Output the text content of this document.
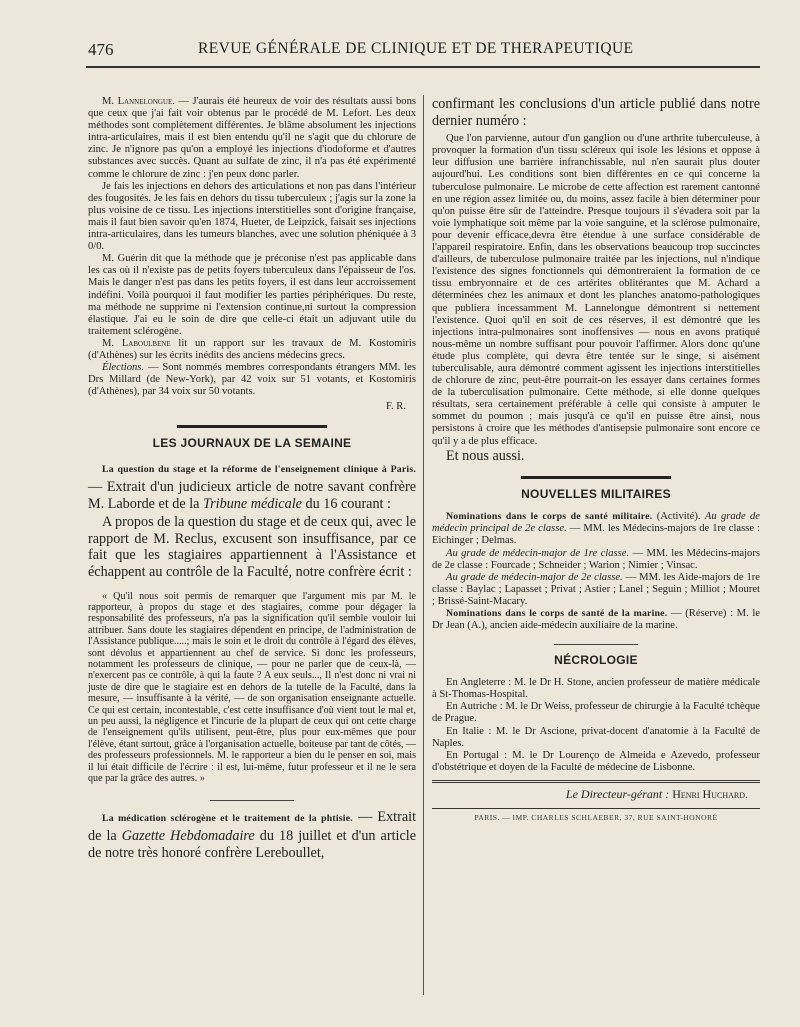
476	REVUE GÉNÉRALE DE CLINIQUE ET DE THERAPEUTIQUE

M. Lannelongue. — J'aurais été heureux de voir des résultats aussi bons que ceux que j'ai fait voir obtenus par le procédé de M. Lefort. Les deux méthodes sont complètement différentes. Je blâme absolument les injections intra-articulaires, mais il est bien entendu qu'il ne s'agit que du chlorure de zinc. Je n'ignore pas qu'on a employé les injections d'iodoforme et d'autres substances avec succès. Quant au sulfate de zinc, il n'a pas été expérimenté comme le chlorure de zinc : j'en peux donc parler.

Je fais les injections en dehors des articulations et non pas dans l'intérieur des fougosités. Je les fais en dehors du tissu tuberculeux ; j'agis sur la zone la plus voisine de ce tissu. Les injections interstitielles sont d'origine française, mais il faut bien savoir qu'en 1874, Hueter, de Leipzick, faisait ses injections intra-articulaires, dans les tumeurs blanches, avec une solution phéniquée à 3 0/0.

M. Guérin dit que la méthode que je préconise n'est pas applicable dans les cas où il n'existe pas de petits foyers tuberculeux dans l'épaisseur de l'os. Mais le danger n'est pas dans les petits foyers, il est dans leur accroissement indéfini. Voilà pourquoi il faut modifier les parties périphériques. Du reste, ma méthode ne supprime ni l'extension continue,ni surtout la compression élastique. J'ai eu le soin de dire que celle-ci était un adjuvant utile du traitement sclérogène.

M. Laboulbene lit un rapport sur les travaux de M. Kostomiris (d'Athènes) sur les écrits inédits des anciens médecins grecs.

Élections. — Sont nommés membres correspondants étrangers MM. les Drs Millard (de New-York), par 42 voix sur 51 votants, et Kostomiris (d'Athènes), par 34 voix sur 50 votants.

F. R.
LES JOURNAUX DE LA SEMAINE

La question du stage et la réforme de l'enseignement clinique à Paris. — Extrait d'un judicieux article de notre savant confrère M. Laborde et de la Tribune médicale du 16 courant :

A propos de la question du stage et de ceux qui, avec le rapport de M. Reclus, excusent son insuffisance, par ce fait que les stagiaires appartiennent à l'Assistance et échappent au contrôle de la Faculté, notre confrère écrit :

« Qu'il nous soit permis de remarquer que l'argument mis par M. le rapporteur, à propos du stage et des stagiaires, comme pour dégager la responsabilité des professeurs, n'a pas la signification qu'il semble vouloir lui attribuer. Sans doute les stagiaires dépendent en principe, de l'administration de l'Assistance publique.....; mais le soin et le droit du contrôle à l'égard des élèves, sont dévolus et appartiennent au chef de service. Si donc les professeurs, notamment les professeurs de clinique, — pour ne parler que de ceux-là, — n'exercent pas ce contrôle, à qui la faute ? A eux seuls..., Il n'est donc ni vrai ni juste de dire que le stagiaire est en dehors de la tutelle de la Faculté, dans la mesure, — insuffisante à la vérité, — de son organisation enseignante actuelle. Ce qui est certain, incontestable, c'est cette insuffisance d'où vient tout le mal et, un peu aussi, la négligence et l'incurie de la plupart de ceux qui ont cette charge de l'enseignement qu'ils utilisent, peut-être, plus pour eux-mêmes que pour l'élève, étant surtout, grâce à l'organisation actuelle, boiteuse par tant de côtés, — des professeurs professionnels. M. le rapporteur a bien du le penser en soi, mais il lui était difficile de l'écrire : il est, lui-même, futur professeur et il ne le sera que par la grâce des autres. »

La médication sclérogène et le traitement de la phtisie. — Extrait de la Gazette Hebdomadaire du 18 juillet et d'un article de notre très honoré confrère Lereboullet,

confirmant les conclusions d'un article publié dans notre dernier numéro :

Que l'on parvienne, autour d'un ganglion ou d'une arthrite tuberculeuse, à provoquer la formation d'un tissu scléreux qui isole les lésions et oppose à leur diffusion une barrière infranchissable, nul n'en saurait plus douter aujourd'hui. Les conditions sont bien différentes en ce qui concerne la tuberculose pulmonaire. Le microbe de cette affection est rarement cantonné en une région assez limitée ou, du moins, assez facile à bien déterminer pour qu'on puisse être sûr de l'atteindre. Presque toujours il s'évadera soit par la voie lymphatique soit même par la voie sanguine, et la sclérose pulmonaire, pour devenir efficace,devra être étendue à une surface considérable de l'appareil respiratoire. Enfin, dans les observations beaucoup trop succinctes d'ailleurs, de tuberculose pulmonaire traitée par les injections, nul n'indique l'existence des signes fonctionnels qui démontreraient la formation de ce tissu embryonnaire et de ces artérites oblitérantes que M. Achard a déterminées chez les animaux et dont les planches anatomo-pathologiques que publiera incessamment M. Lannelongue démontrent si nettement l'existence. Quoi qu'il en soit de ces réserves, il est démontré que les injections intra-pulmonaires sont inoffensives — nous en avons pratiqué nous-même un nombre suffisant pour pouvoir l'affirmer. Alors donc qu'une étude plus complète, qui devra être tentée sur le singe, si aisément tuberculisable, aura démontré comment agissent les injections interstitielles de chlorure de zinc, peut-être pourrait-on les essayer dans certaines formes de la tuberculisation pulmonaire. Cette méthode, si elle donne quelques résultats, sera certainement préférable à celle qui consiste à amputer le sommet du poumon ; mais jusqu'à ce qu'il en puisse être ainsi, nous persistons à croire que les méthodes d'antisepsie pulmonaire sont encore ce qu'il y a de plus efficace.

Et nous aussi.

NOUVELLES MILITAIRES

Nominations dans le corps de santé militaire. (Activité). Au grade de médecin principal de 2e classe. — MM. les Médecins-majors de 1re classe : Eichinger ; Delmas.

Au grade de médecin-major de 1re classe. — MM. les Médecins-majors de 2e classe : Fourcade ; Schneider ; Warion ; Nimier ; Vinsac.

Au grade de médecin-major de 2e classe. — MM. les Aide-majors de 1re classe : Baylac ; Lapasset ; Privat ; Astier ; Lanel ; Seguin ; Milliot ; Mouret ; Brissé-Saint-Macary.

Nominations dans le corps de santé de la marine. — (Réserve) : M. le Dr Jean (A.), ancien aide-médecin auxiliaire de la marine.

NÉCROLOGIE

En Angleterre : M. le Dr H. Stone, ancien professeur de matière médicale à St-Thomas-Hospital.

En Autriche : M. le Dr Weiss, professeur de chirurgie à la Faculté tchèque de Prague.

En Italie : M. le Dr Ascione, privat-docent d'anatomie à la Faculté de Naples.

En Portugal : M. le Dr Lourenço de Almeida e Azevedo, professeur d'obstétrique et doyen de la Faculté de médecine de Lisbonne.

Le Directeur-gérant : Henri Huchard.
PARIS. — IMP. CHARLES SCHLAEBER, 37, RUE SAINT-HONORÉ
